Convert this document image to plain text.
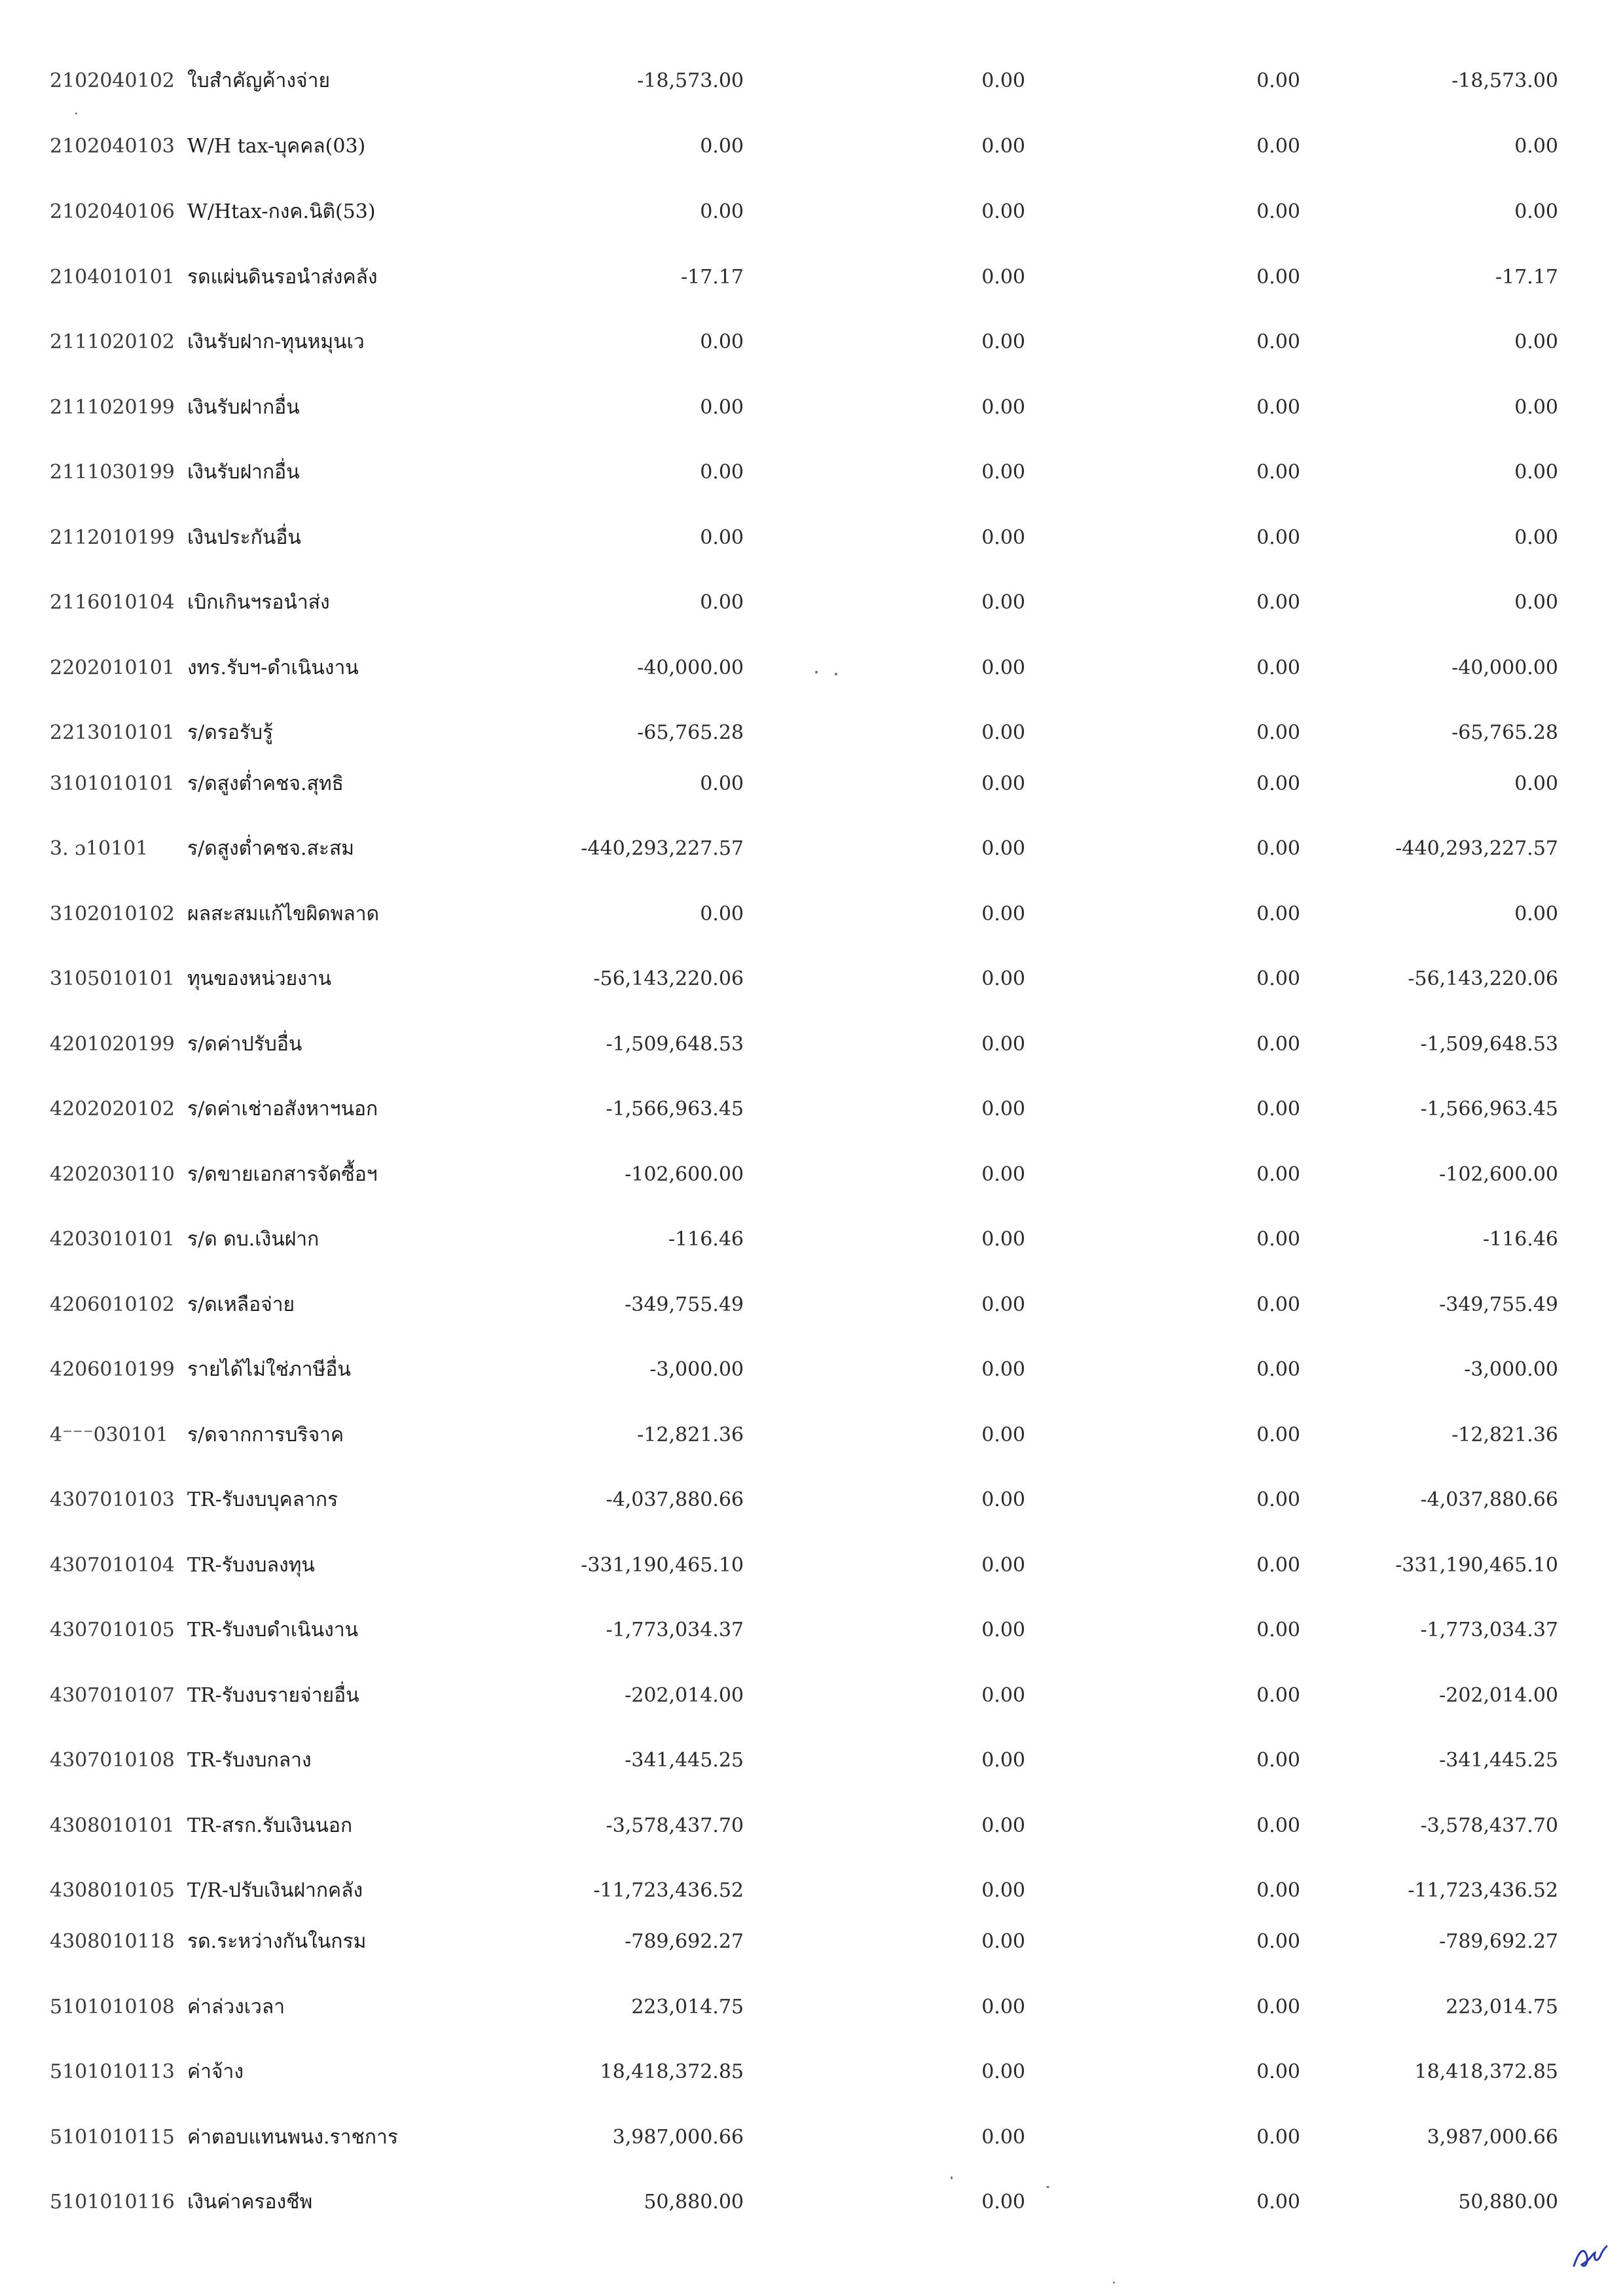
2102040102 ใบสำคัญค้างจ่าย	-18,573.00	0.00	0.00	-18,573.00
2102040103 W/H tax-บุคคล(03)	0.00	0.00	0.00	0.00
2102040106 W/Htax-กงค.นิติ(53)	0.00	0.00	0.00	0.00
2104010101 รดแผ่นดินรอนำส่งคลัง	-17.17	0.00	0.00	-17.17
2111020102 เงินรับฝาก-ทุนหมุนเว	0.00	0.00	0.00	0.00
2111020199 เงินรับฝากอื่น	0.00	0.00	0.00	0.00
2111030199 เงินรับฝากอื่น	0.00	0.00	0.00	0.00
2112010199 เงินประกันอื่น	0.00	0.00	0.00	0.00
2116010104 เบิกเกินฯรอนำส่ง	0.00	0.00	0.00	0.00
2202010101 งทร.รับฯ-ดำเนินงาน	-40,000.00	0.00	0.00	-40,000.00
2213010101 ร/ดรอรับรู้	-65,765.28	0.00	0.00	-65,765.28
3101010101 ร/ดสูงต่ำคชจ.สุทธิ	0.00	0.00	0.00	0.00
3. ɔ10101	ร/ดสูงต่ำคชจ.สะสม	-440,293,227.57	0.00	0.00	-440,293,227.57
3102010102 ผลสะสมแก้ไขผิดพลาด	0.00	0.00	0.00	0.00
3105010101 ทุนของหน่วยงาน	-56,143,220.06	0.00	0.00	-56,143,220.06
4201020199 ร/ดค่าปรับอื่น	-1,509,648.53	0.00	0.00	-1,509,648.53
4202020102 ร/ดค่าเช่าอสังหาฯนอก	-1,566,963.45	0.00	0.00	-1,566,963.45
4202030110 ร/ดขายเอกสารจัดซื้อฯ	-102,600.00	0.00	0.00	-102,600.00
4203010101 ร/ด ดบ.เงินฝาก	-116.46	0.00	0.00	-116.46
4206010102 ร/ดเหลือจ่าย	-349,755.49	0.00	0.00	-349,755.49
4206010199 รายได้ไม่ใช่ภาษีอื่น	-3,000.00	0.00	0.00	-3,000.00
4⁻⁻⁻030101 ร/ดจากการบริจาค	-12,821.36	0.00	0.00	-12,821.36
4307010103 TR-รับงบบุคลากร	-4,037,880.66	0.00	0.00	-4,037,880.66
4307010104 TR-รับงบลงทุน	-331,190,465.10	0.00	0.00	-331,190,465.10
4307010105 TR-รับงบดำเนินงาน	-1,773,034.37	0.00	0.00	-1,773,034.37
4307010107 TR-รับงบรายจ่ายอื่น	-202,014.00	0.00	0.00	-202,014.00
4307010108 TR-รับงบกลาง	-341,445.25	0.00	0.00	-341,445.25
4308010101 TR-สรก.รับเงินนอก	-3,578,437.70	0.00	0.00	-3,578,437.70
4308010105 T/R-ปรับเงินฝากคลัง	-11,723,436.52	0.00	0.00	-11,723,436.52
4308010118 รด.ระหว่างกันในกรม	-789,692.27	0.00	0.00	-789,692.27
5101010108 ค่าล่วงเวลา	223,014.75	0.00	0.00	223,014.75
5101010113 ค่าจ้าง	18,418,372.85	0.00	0.00	18,418,372.85
5101010115 ค่าตอบแทนพนง.ราชการ	3,987,000.66	0.00	0.00	3,987,000.66
5101010116 เงินค่าครองชีพ	50,880.00	0.00	0.00	50,880.00
